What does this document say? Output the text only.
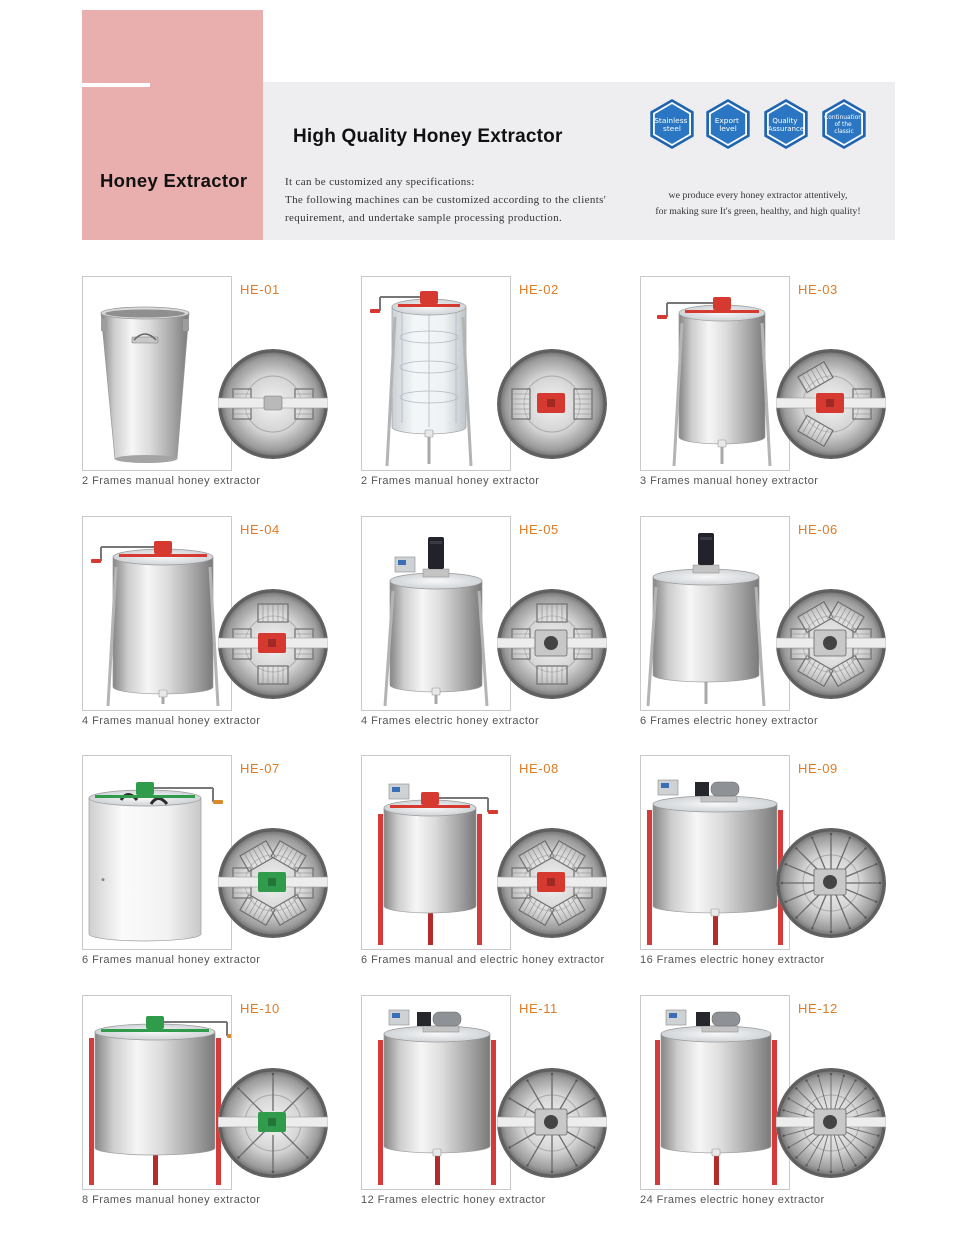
Honey Extractor
High Quality Honey Extractor
It can be customized any specifications:
The following machines can be customized according to the clients'
requirement, and undertake sample processing production.
Stainless steel
Export level
Quality Assurance
Continuation of the classic
we produce every honey extractor attentively,
for making sure It's green, healthy, and high quality!
HE-01
2 Frames manual honey extractor
HE-02
2 Frames manual honey extractor
HE-03
3 Frames manual honey extractor
HE-04
4 Frames manual honey extractor
HE-05
4 Frames electric honey extractor
HE-06
6 Frames electric honey extractor
HE-07
6 Frames manual honey extractor
HE-08
6 Frames manual and electric honey extractor
HE-09
16 Frames electric honey extractor
HE-10
8 Frames manual honey extractor
HE-11
12 Frames electric honey extractor
HE-12
24 Frames electric honey extractor
